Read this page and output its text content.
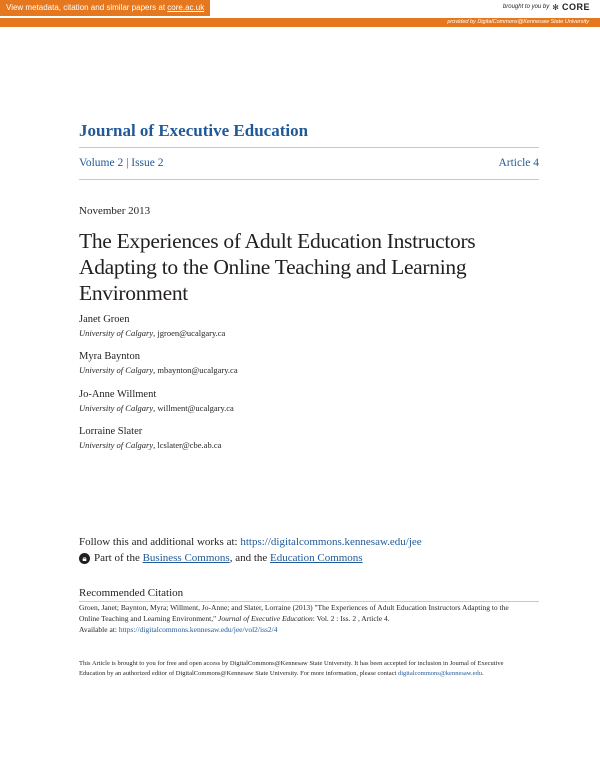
View metadata, citation and similar papers at core.ac.uk	brought to you by ✻ CORE
provided by DigitalCommons@Kennesaw State University
Journal of Executive Education
Volume 2 | Issue 2	Article 4
November 2013
The Experiences of Adult Education Instructors Adapting to the Online Teaching and Learning Environment
Janet Groen
University of Calgary, jgroen@ucalgary.ca
Myra Baynton
University of Calgary, mbaynton@ucalgary.ca
Jo-Anne Willment
University of Calgary, willment@ucalgary.ca
Lorraine Slater
University of Calgary, lcslater@cbe.ab.ca
Follow this and additional works at: https://digitalcommons.kennesaw.edu/jee
🔒︎ Part of the Business Commons, and the Education Commons
Recommended Citation
Groen, Janet; Baynton, Myra; Willment, Jo-Anne; and Slater, Lorraine (2013) "The Experiences of Adult Education Instructors Adapting to the Online Teaching and Learning Environment," Journal of Executive Education: Vol. 2 : Iss. 2 , Article 4.
Available at: https://digitalcommons.kennesaw.edu/jee/vol2/iss2/4
This Article is brought to you for free and open access by DigitalCommons@Kennesaw State University. It has been accepted for inclusion in Journal of Executive Education by an authorized editor of DigitalCommons@Kennesaw State University. For more information, please contact digitalcommons@kennesaw.edu.
